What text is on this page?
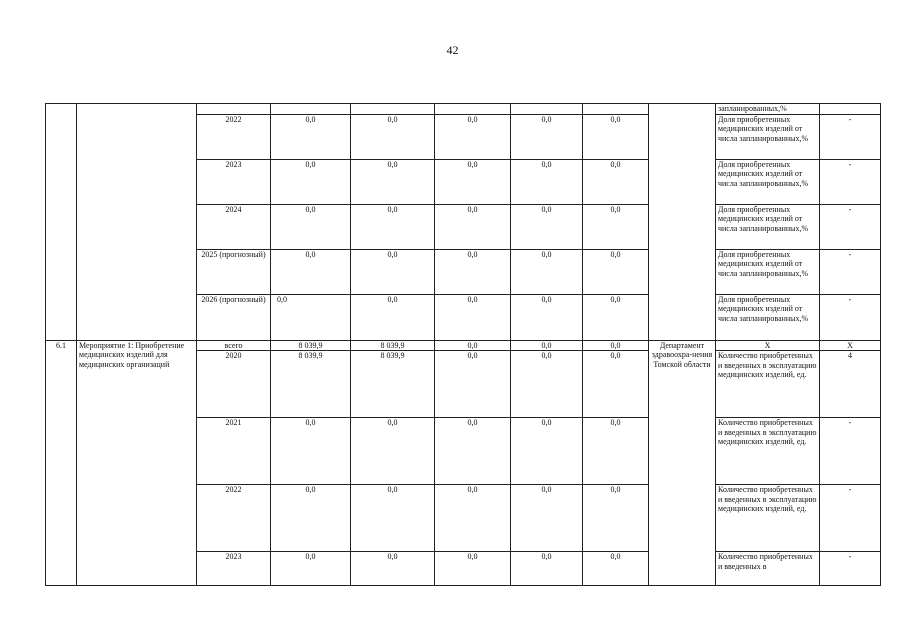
42
									запланированных,%	
		2022	0,0	0,0	0,0	0,0	0,0		Доля приобретенных медицинских изделий от числа запланированных,%	-
		2023	0,0	0,0	0,0	0,0	0,0		Доля приобретенных медицинских изделий от числа запланированных,%	-
		2024	0,0	0,0	0,0	0,0	0,0		Доля приобретенных медицинских изделий от числа запланированных,%	-
		2025 (прогнозный)	0,0	0,0	0,0	0,0	0,0		Доля приобретенных медицинских изделий от числа запланированных,%	-
		2026 (прогнозный)	0,0	0,0	0,0	0,0	0,0		Доля приобретенных медицинских изделий от числа запланированных,%	-
6.1	Мероприятие 1: Приобретение медицинских изделий для медицинских организаций	всего	8 039,9	8 039,9	0,0	0,0	0,0	Департамент здравоохра-нения Томской области	Х	Х
		2020	8 039,9	8 039,9	0,0	0,0	0,0		Количество приобретенных и введенных в эксплуатацию медицинских изделий, ед.	4
		2021	0,0	0,0	0,0	0,0	0,0		Количество приобретенных и введенных в эксплуатацию медицинских изделий, ед.	-
		2022	0,0	0,0	0,0	0,0	0,0		Количество приобретенных и введенных в эксплуатацию медицинских изделий, ед.	-
		2023	0,0	0,0	0,0	0,0	0,0		Количество приобретенных и введенных в	-
